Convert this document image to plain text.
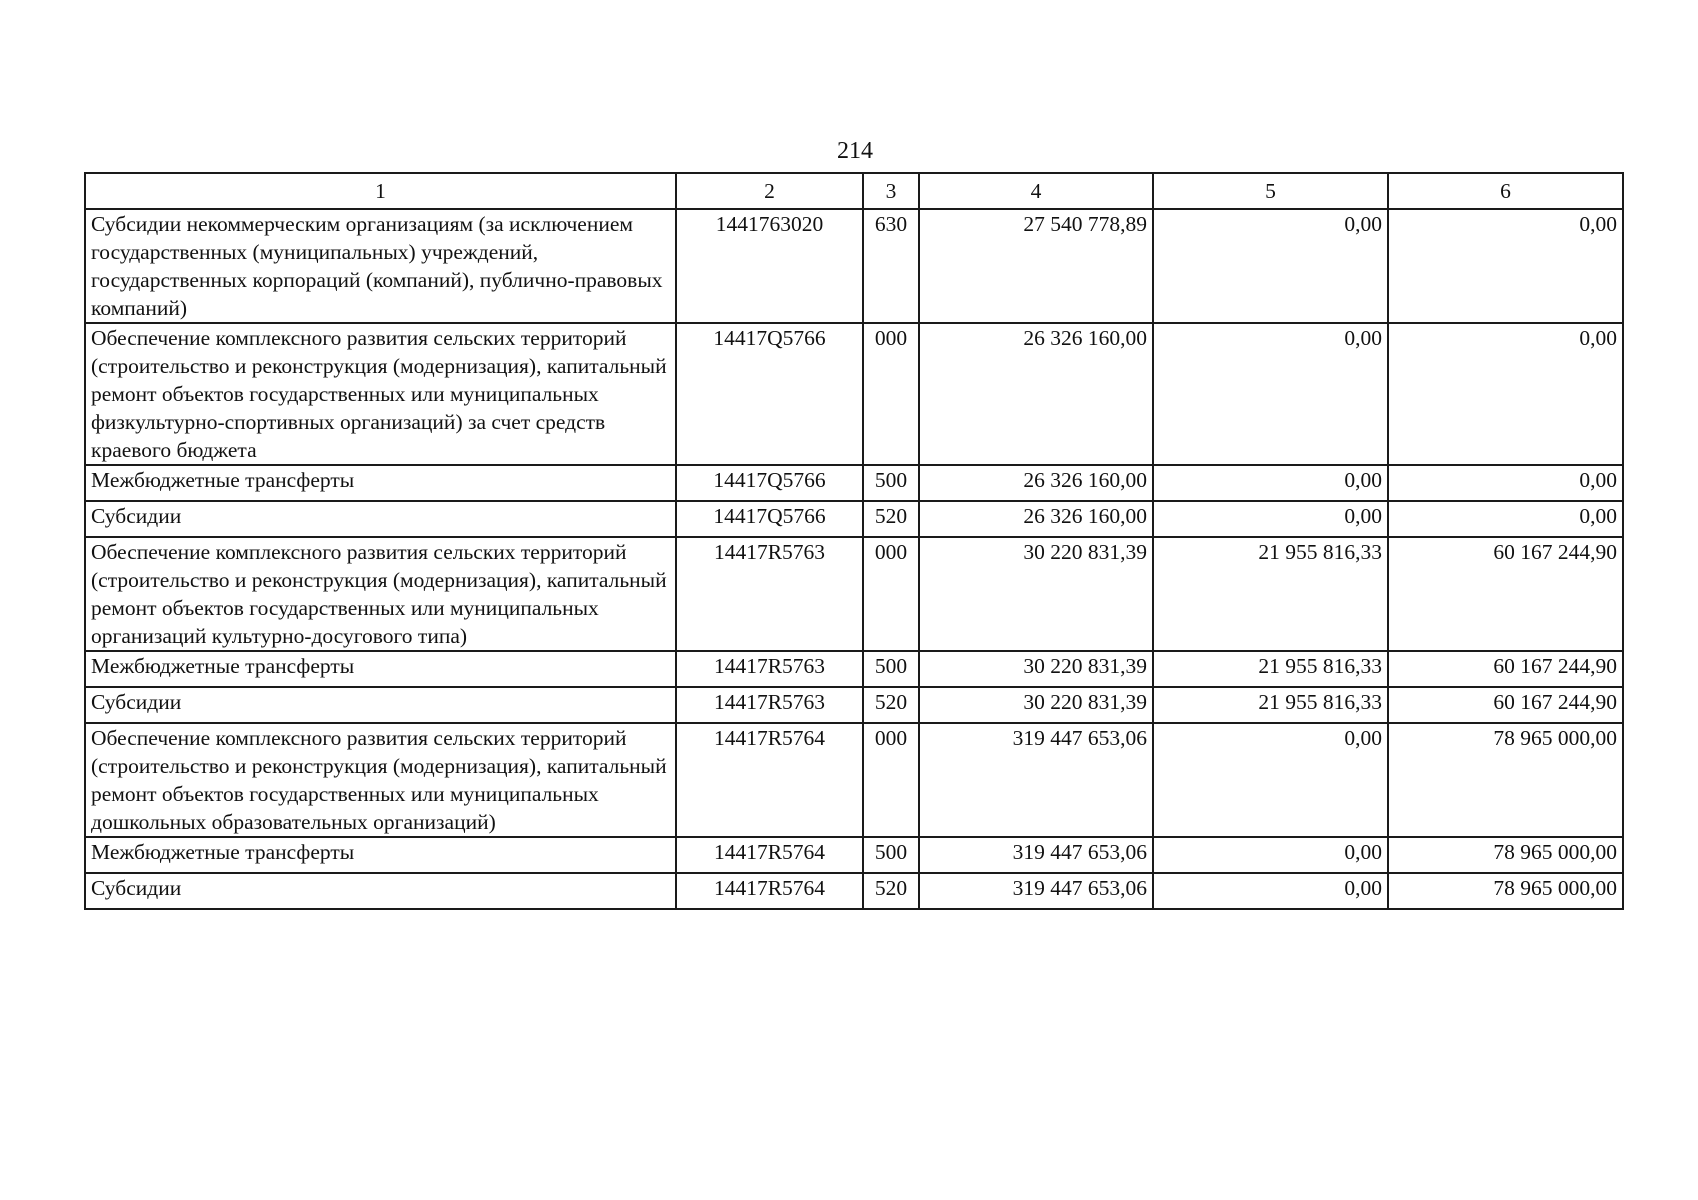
214
1	2	3	4	5	6
Субсидии некоммерческим организациям (за исключением государственных (муниципальных) учреждений, государственных корпораций (компаний), публично-правовых компаний)	1441763020	630	27 540 778,89	0,00	0,00
Обеспечение комплексного развития сельских территорий (строительство и реконструкция (модернизация), капитальный ремонт объектов государственных или муниципальных физкультурно-спортивных организаций) за счет средств краевого бюджета	14417Q5766	000	26 326 160,00	0,00	0,00
Межбюджетные трансферты	14417Q5766	500	26 326 160,00	0,00	0,00
Субсидии	14417Q5766	520	26 326 160,00	0,00	0,00
Обеспечение комплексного развития сельских территорий (строительство и реконструкция (модернизация), капитальный ремонт объектов государственных или муниципальных организаций культурно-досугового типа)	14417R5763	000	30 220 831,39	21 955 816,33	60 167 244,90
Межбюджетные трансферты	14417R5763	500	30 220 831,39	21 955 816,33	60 167 244,90
Субсидии	14417R5763	520	30 220 831,39	21 955 816,33	60 167 244,90
Обеспечение комплексного развития сельских территорий (строительство и реконструкция (модернизация), капитальный ремонт объектов государственных или муниципальных дошкольных образовательных организаций)	14417R5764	000	319 447 653,06	0,00	78 965 000,00
Межбюджетные трансферты	14417R5764	500	319 447 653,06	0,00	78 965 000,00
Субсидии	14417R5764	520	319 447 653,06	0,00	78 965 000,00
